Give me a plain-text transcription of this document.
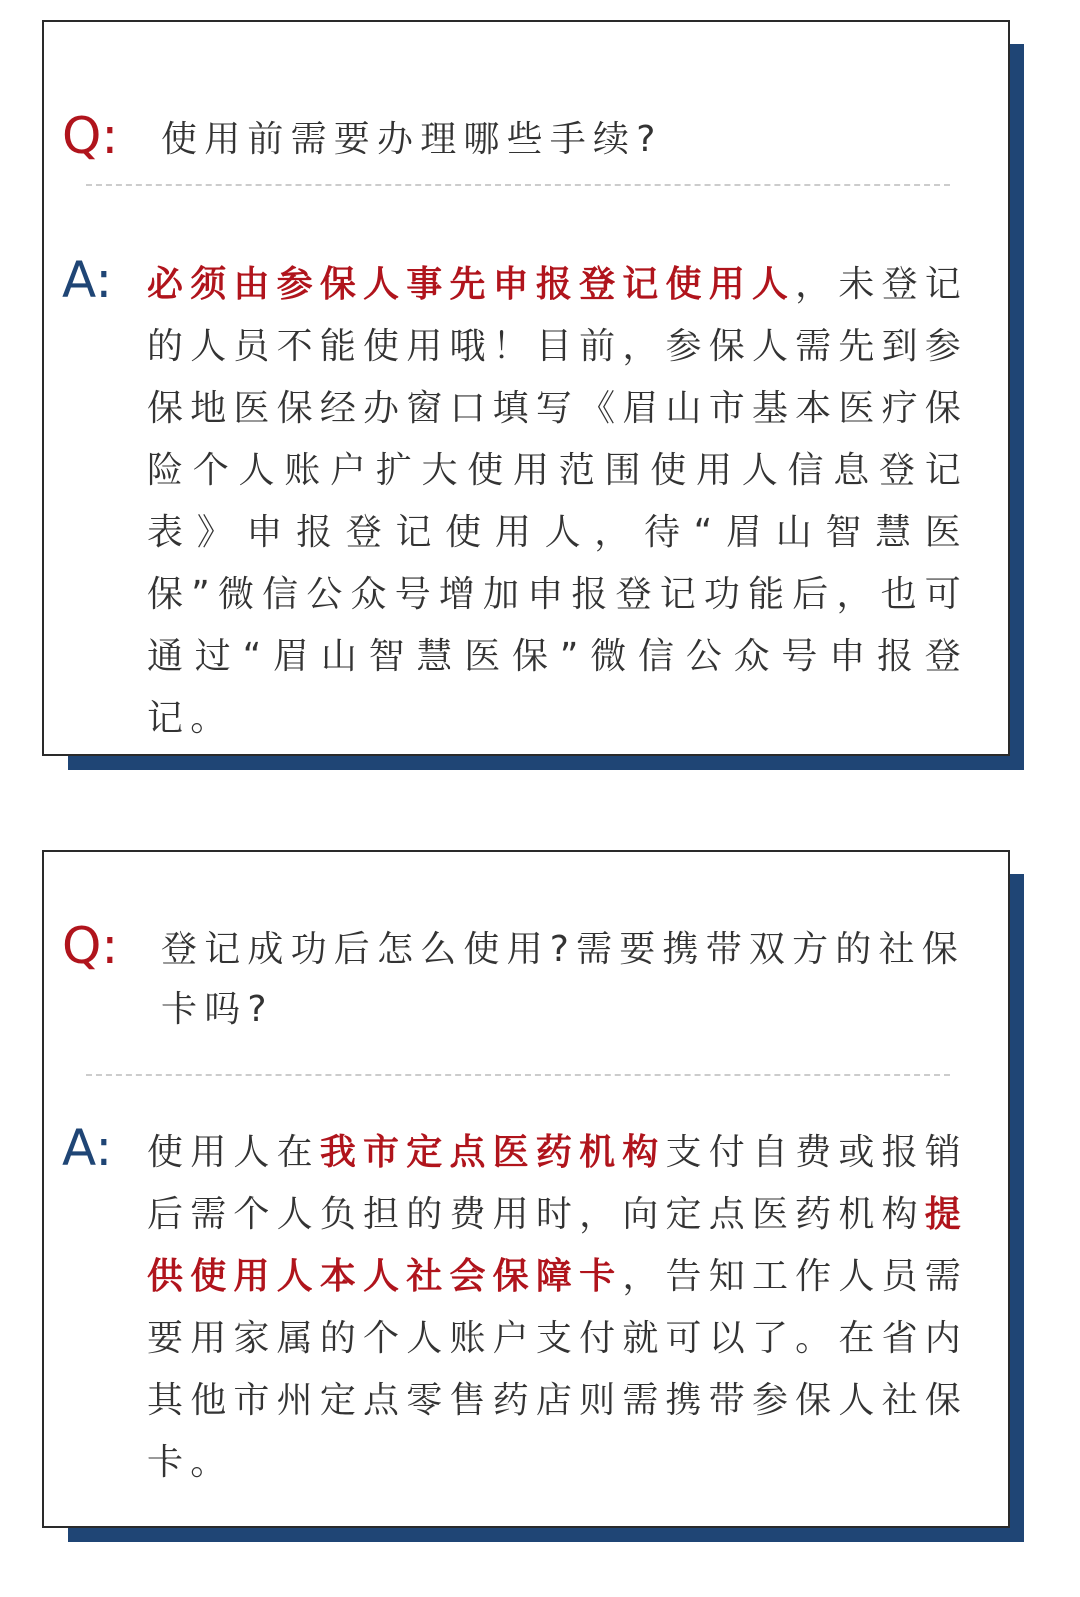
Q: 使用前需要办理哪些手续?

A: 必须由参保人事先申报登记使用人，未登记的人员不能使用哦！目前，参保人需先到参保地医保经办窗口填写《眉山市基本医疗保险个人账户扩大使用范围使用人信息登记表》申报登记使用人，待“眉山智慧医保”微信公众号增加申报登记功能后，也可通过“眉山智慧医保”微信公众号申报登记。

Q: 登记成功后怎么使用?需要携带双方的社保卡吗?

A: 使用人在我市定点医药机构支付自费或报销后需个人负担的费用时，向定点医药机构提供使用人本人社会保障卡，告知工作人员需要用家属的个人账户支付就可以了。在省内其他市州定点零售药店则需携带参保人社保卡。
